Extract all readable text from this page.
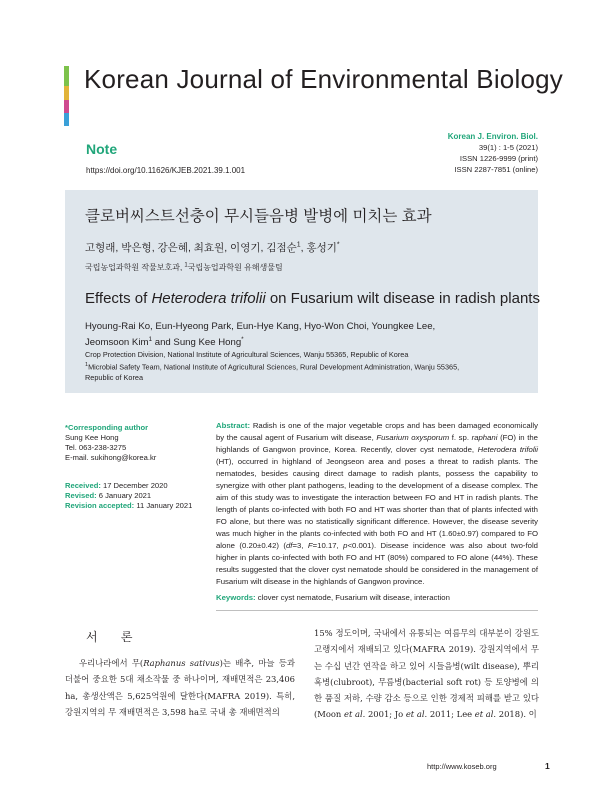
Korean Journal of Environmental Biology
Note
https://doi.org/10.11626/KJEB.2021.39.1.001
Korean J. Environ. Biol.
39(1) : 1-5 (2021)
ISSN 1226-9999 (print)
ISSN 2287-7851 (online)
클로버씨스트선충이 무시들음병 발병에 미치는 효과
고형래, 박은형, 강은혜, 최효원, 이영기, 김점순$^1$, 홍성기*
국립농업과학원 작물보호과, $^1$국립농업과학원 유해생물팀
Effects of Heterodera trifolii on Fusarium wilt disease in radish plants
Hyoung-Rai Ko, Eun-Hyeong Park, Eun-Hye Kang, Hyo-Won Choi, Youngkee Lee,
Jeomsoon Kim$^1$ and Sung Kee Hong*
Crop Protection Division, National Institute of Agricultural Sciences, Wanju 55365, Republic of Korea
$^1$Microbial Safety Team, National Institute of Agricultural Sciences, Rural Development Administration, Wanju 55365,
Republic of Korea
*Corresponding author
Sung Kee Hong
Tel. 063-238-3275
E-mail. sukihong@korea.kr
Received: 17 December 2020
Revised: 6 January 2021
Revision accepted: 11 January 2021
Abstract: Radish is one of the major vegetable crops and has been damaged economically by the causal agent of Fusarium wilt disease, Fusarium oxysporum f. sp. raphani (FO) in the highlands of Gangwon province, Korea. Recently, clover cyst nematode, Heterodera trifolii (HT), occurred in highland of Jeongseon area and poses a threat to radish plants. The nematodes, besides causing direct damage to radish plants, possess the capability to synergize with other plant pathogens, leading to the development of a disease complex. The aim of this study was to investigate the interaction between FO and HT in radish plants. The length of plants co-infected with both FO and HT was shorter than that of plants infected with FO alone, but there was no statistically significant difference. However, the disease severity was much higher in the plants co-infected with both FO and HT (1.60±0.97) compared to FO alone (0.20±0.42) (df=3, F=10.17, p<0.001). Disease incidence was also about two-fold higher in plants co-infected with both FO and HT (80%) compared to FO alone (44%). These results suggested that the clover cyst nematode should be considered in the management of Fusarium wilt disease in the highlands of Gangwon province.
Keywords: clover cyst nematode, Fusarium wilt disease, interaction
서 론
우리나라에서 무(Raphanus sativus)는 배추, 마늘 등과 더불어 중요한 5대 채소작물 중 하나이며, 재배면적은 23,406 ha, 총생산액은 5,625억원에 달한다(MAFRA 2019). 특히, 강원지역의 무 재배면적은 3,598 ha로 국내 총 재배면적의
15% 정도이며, 국내에서 유통되는 여름무의 대부분이 강원도 고랭지에서 재배되고 있다(MAFRA 2019). 강원지역에서 무는 수십 년간 연작을 하고 있어 시들음병(wilt disease), 뿌리혹병(clubroot), 무름병(bacterial soft rot) 등 토양병에 의한 품질 저하, 수량 감소 등으로 인한 경제적 피해를 받고 있다(Moon et al. 2001; Jo et al. 2011; Lee et al. 2018). 이
http://www.koseb.org	1
